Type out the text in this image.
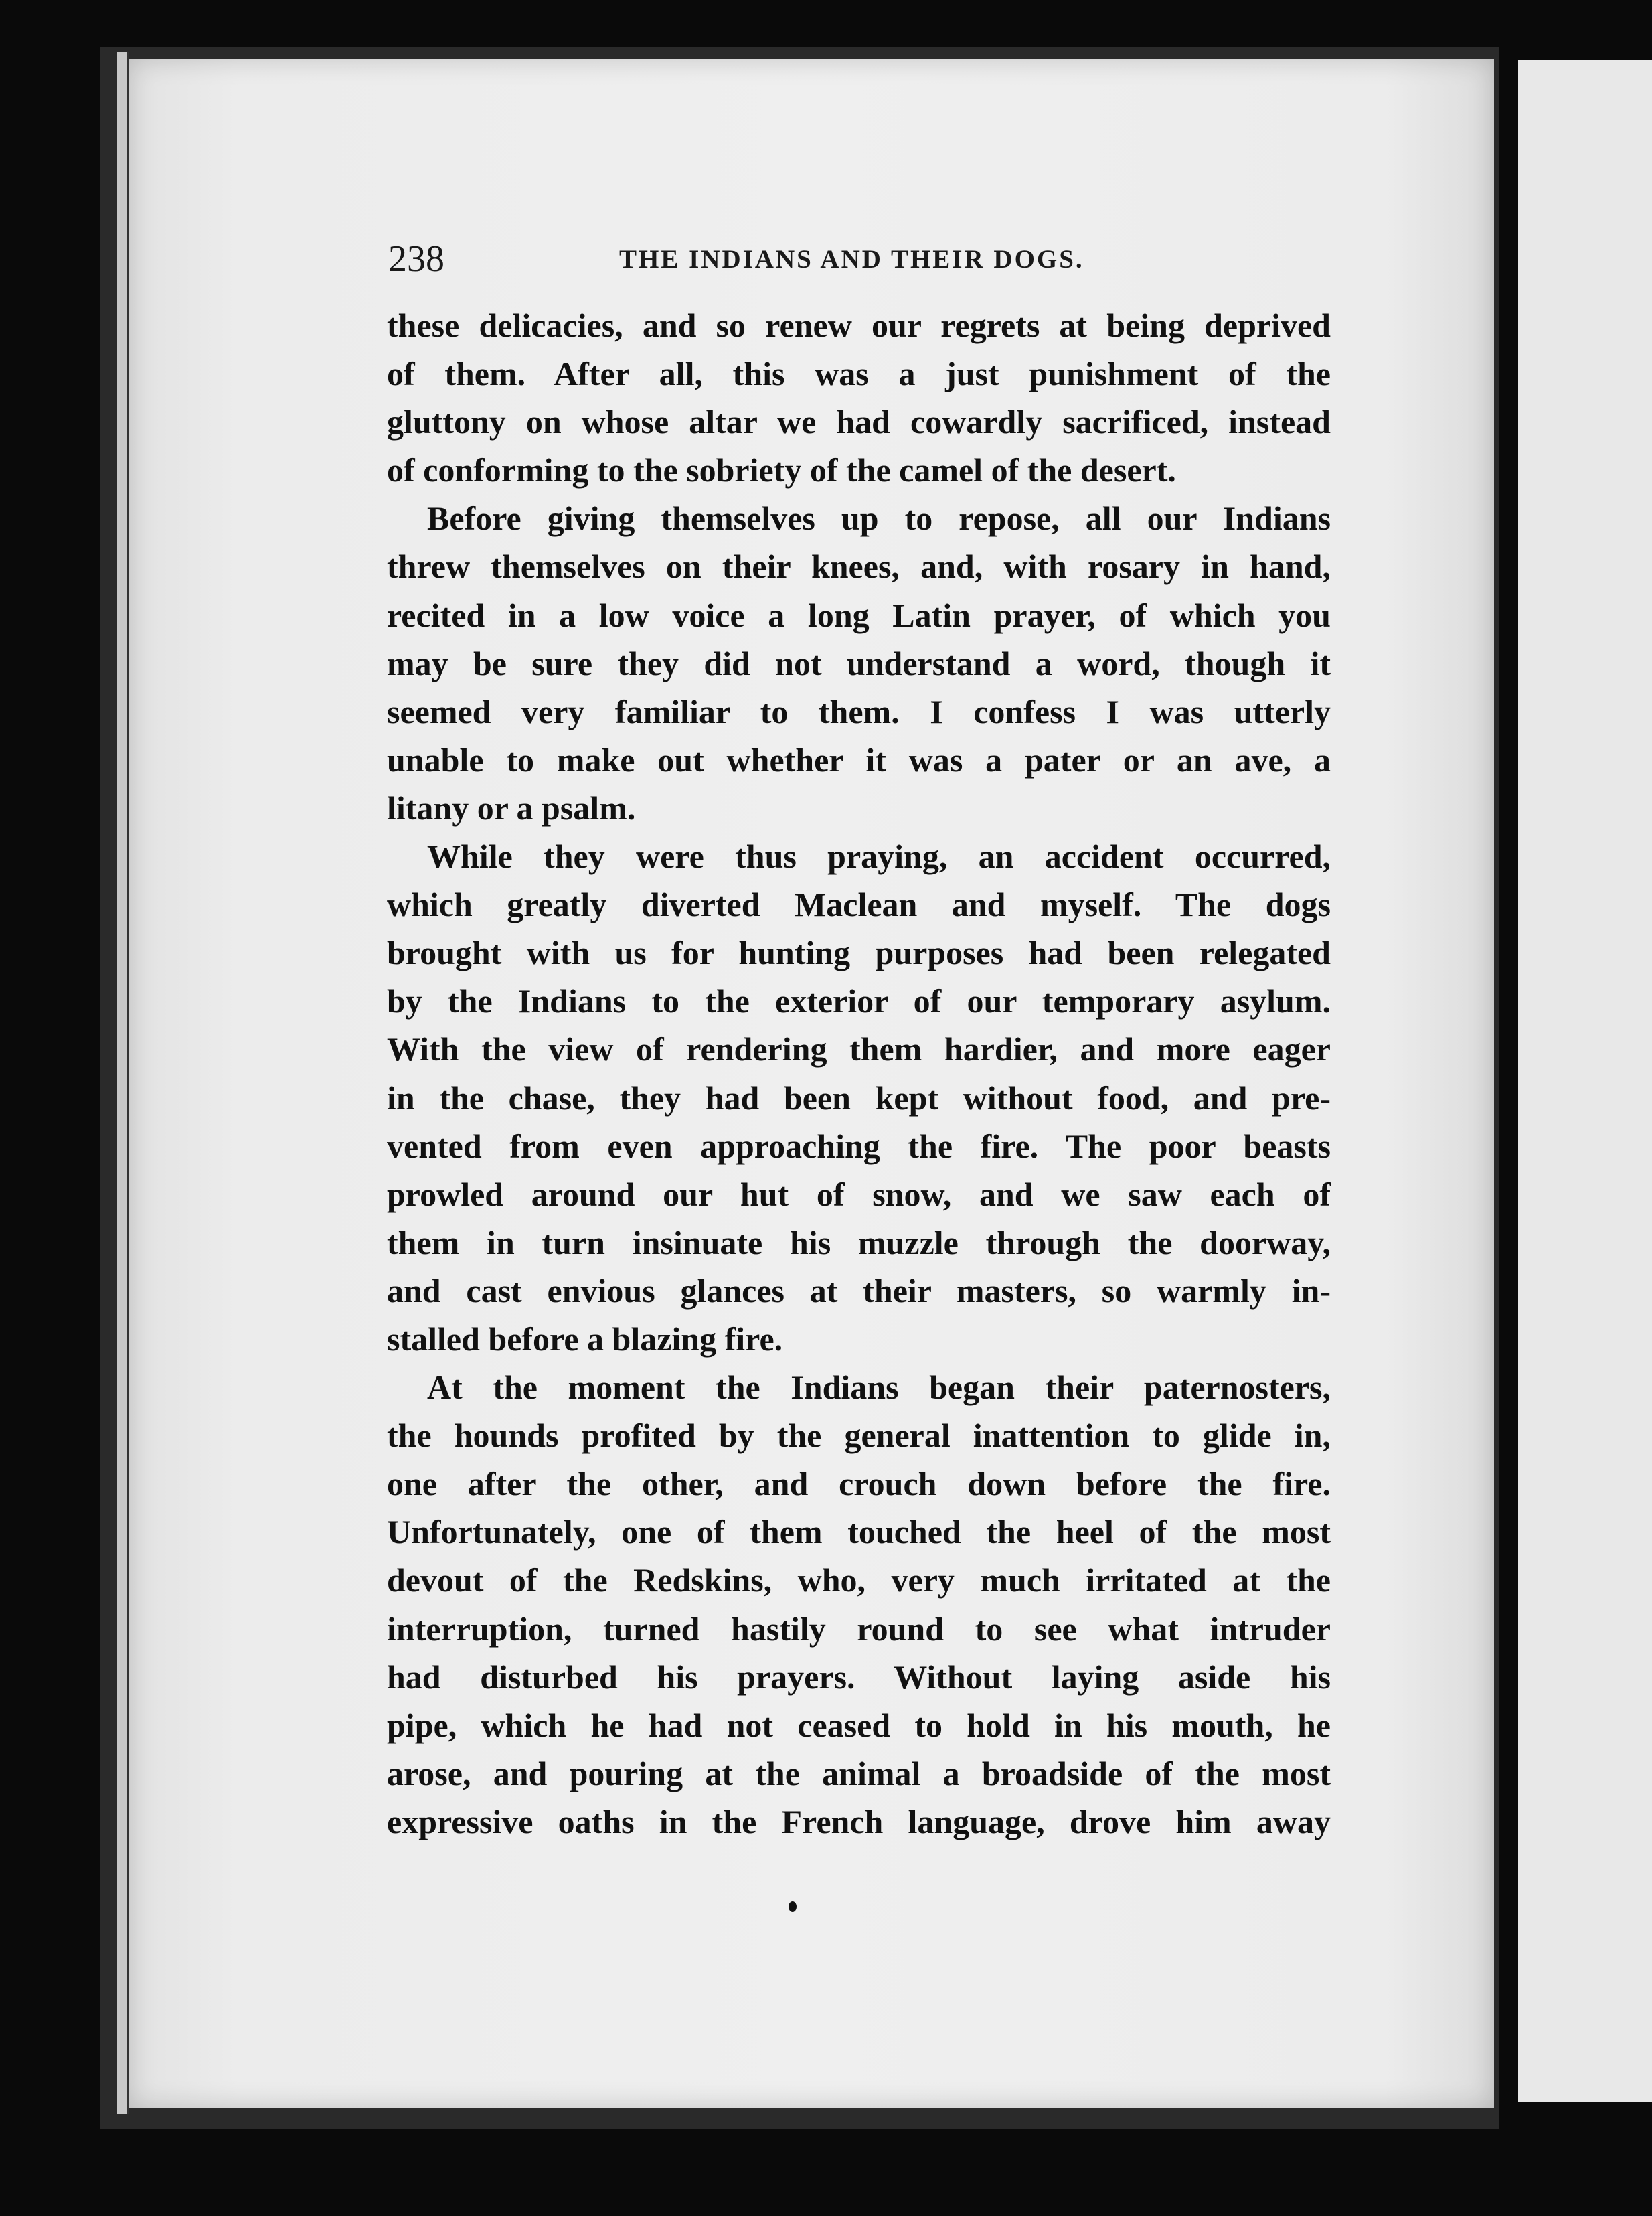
238	THE INDIANS AND THEIR DOGS.
these delicacies, and so renew our regrets at being deprived
of them. After all, this was a just punishment of the
gluttony on whose altar we had cowardly sacrificed, instead
of conforming to the sobriety of the camel of the desert.
Before giving themselves up to repose, all our Indians
threw themselves on their knees, and, with rosary in hand,
recited in a low voice a long Latin prayer, of which you
may be sure they did not understand a word, though it
seemed very familiar to them. I confess I was utterly
unable to make out whether it was a pater or an ave, a
litany or a psalm.
While they were thus praying, an accident occurred,
which greatly diverted Maclean and myself. The dogs
brought with us for hunting purposes had been relegated
by the Indians to the exterior of our temporary asylum.
With the view of rendering them hardier, and more eager
in the chase, they had been kept without food, and pre-
vented from even approaching the fire. The poor beasts
prowled around our hut of snow, and we saw each of
them in turn insinuate his muzzle through the doorway,
and cast envious glances at their masters, so warmly in-
stalled before a blazing fire.
At the moment the Indians began their paternosters,
the hounds profited by the general inattention to glide in,
one after the other, and crouch down before the fire.
Unfortunately, one of them touched the heel of the most
devout of the Redskins, who, very much irritated at the
interruption, turned hastily round to see what intruder
had disturbed his prayers. Without laying aside his
pipe, which he had not ceased to hold in his mouth, he
arose, and pouring at the animal a broadside of the most
expressive oaths in the French language, drove him away
